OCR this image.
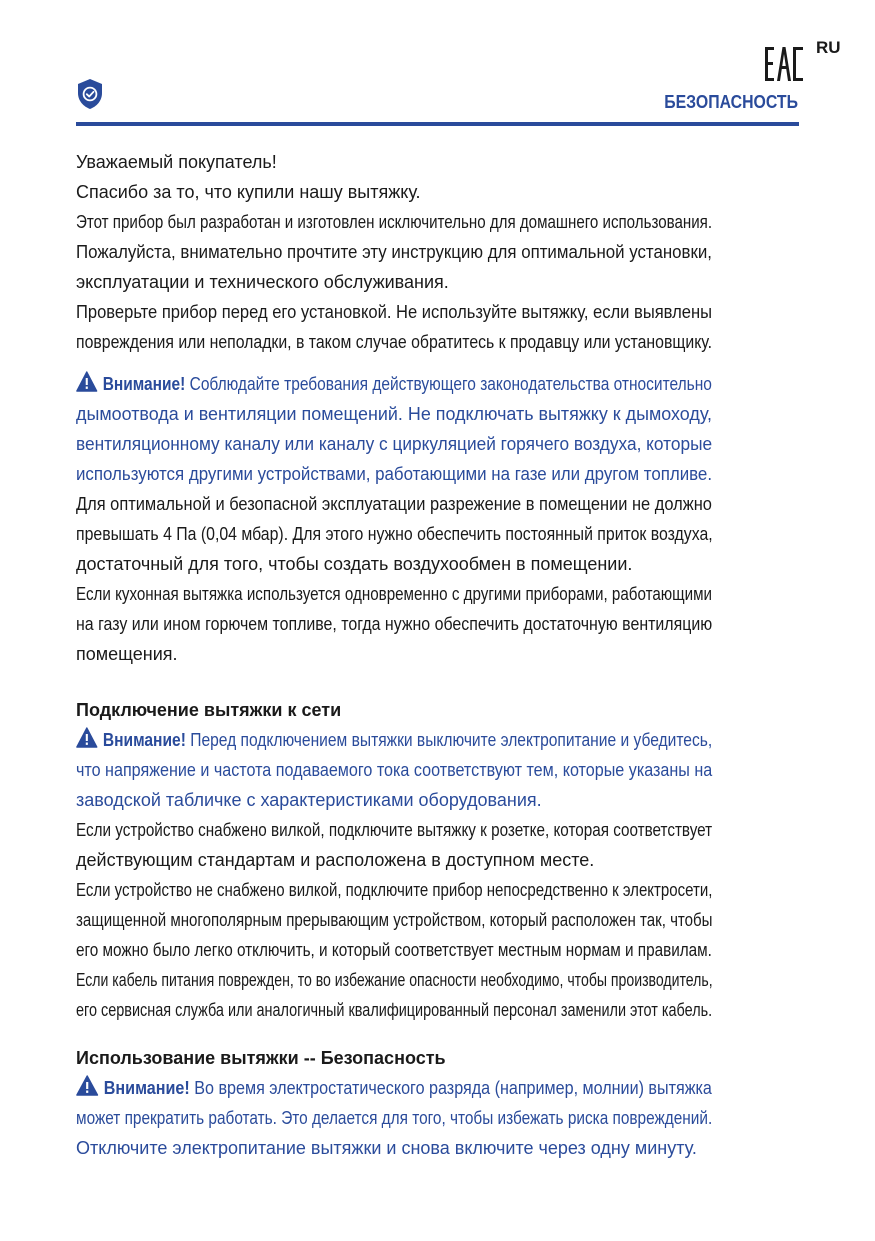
RU
БЕЗОПАСНОСТЬ
Уважаемый покупатель!
Спасибо за то, что купили нашу вытяжку.
Этот прибор был разработан и изготовлен исключительно для домашнего использования.
Пожалуйста, внимательно прочтите эту инструкцию для оптимальной установки,
эксплуатации и технического обслуживания.
Проверьте прибор перед его установкой. Не используйте вытяжку, если выявлены
повреждения или неполадки, в таком случае обратитесь к продавцу или установщику.
Внимание! Соблюдайте требования действующего законодательства относительно
дымоотвода и вентиляции помещений. Не подключать вытяжку к дымоходу,
вентиляционному каналу или каналу с циркуляцией горячего воздуха, которые
используются другими устройствами, работающими на газе или другом топливе.
Для оптимальной и безопасной эксплуатации разрежение в помещении не должно
превышать 4 Па (0,04 мбар). Для этого нужно обеспечить постоянный приток воздуха,
достаточный для того, чтобы создать воздухообмен в помещении.
Если кухонная вытяжка используется одновременно с другими приборами, работающими
на газу или ином горючем топливе, тогда нужно обеспечить достаточную вентиляцию
помещения.
Подключение вытяжки к сети
Внимание! Перед подключением вытяжки выключите электропитание и убедитесь,
что напряжение и частота подаваемого тока соответствуют тем, которые указаны на
заводской табличке с характеристиками оборудования.
Если устройство снабжено вилкой, подключите вытяжку к розетке, которая соответствует
действующим стандартам и расположена в доступном месте.
Если устройство не снабжено вилкой, подключите прибор непосредственно к электросети,
защищенной многополярным прерывающим устройством, который расположен так, чтобы
его можно было легко отключить, и который соответствует местным нормам и правилам.
Если кабель питания поврежден, то во избежание опасности необходимо, чтобы производитель,
его сервисная служба или аналогичный квалифицированный персонал заменили этот кабель.
Использование вытяжки -- Безопасность
Внимание! Во время электростатического разряда (например, молнии) вытяжка
может прекратить работать. Это делается для того, чтобы избежать риска повреждений.
Отключите электропитание вытяжки и снова включите через одну минуту.
